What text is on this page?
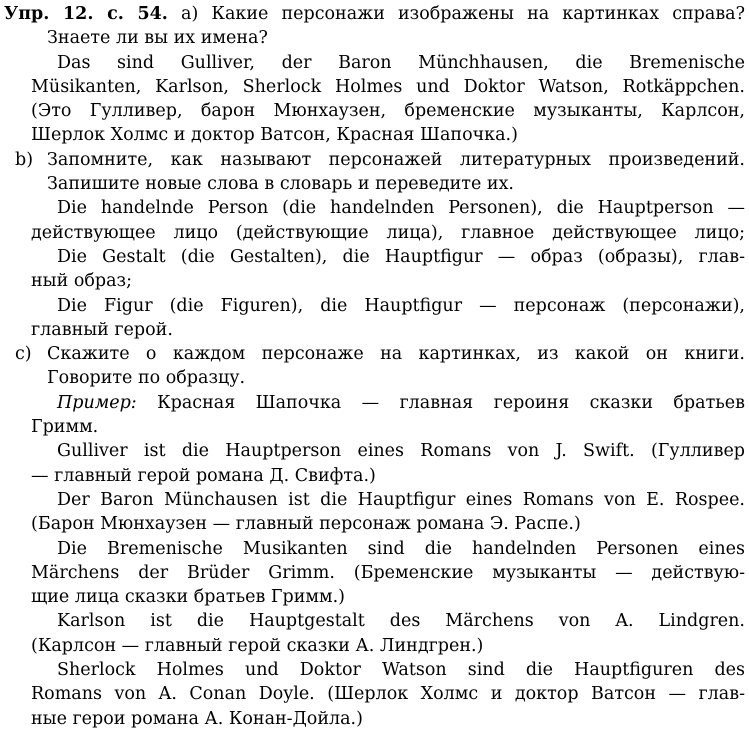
Упр. 12. с. 54. а) Какие персонажи изображены на картинках справа?
Знаете ли вы их имена?
Das sind Gulliver, der Baron Münchhausen, die Bremenische
Müsikanten, Karlson, Sherlock Holmes und Doktor Watson, Rotkäppchen.
(Это Гулливер, барон Мюнхаузен, бременские музыканты, Карлсон,
Шерлок Холмс и доктор Ватсон, Красная Шапочка.)
b) Запомните, как называют персонажей литературных произведений.
Запишите новые слова в словарь и переведите их.
Die handelnde Person (die handelnden Personen), die Hauptperson —
действующее лицо (действующие лица), главное действующее лицо;
Die Gestalt (die Gestalten), die Hauptfigur — образ (образы), глав-
ный образ;
Die Figur (die Figuren), die Hauptfigur — персонаж (персонажи),
главный герой.
c) Скажите о каждом персонаже на картинках, из какой он книги.
Говорите по образцу.
Пример: Красная Шапочка — главная героиня сказки братьев
Гримм.
Gulliver ist die Hauptperson eines Romans von J. Swift. (Гулливер
— главный герой романа Д. Свифта.)
Der Baron Münchausen ist die Hauptfigur eines Romans von E. Rospee.
(Барон Мюнхаузен — главный персонаж романа Э. Распе.)
Die Bremenische Musikanten sind die handelnden Personen eines
Märchens der Brüder Grimm. (Бременские музыканты — действую-
щие лица сказки братьев Гримм.)
Karlson ist die Hauptgestalt des Märchens von A. Lindgren.
(Карлсон — главный герой сказки А. Линдгрен.)
Sherlock Holmes und Doktor Watson sind die Hauptfiguren des
Romans von A. Conan Doyle. (Шерлок Холмс и доктор Ватсон — глав-
ные герои романа А. Конан-Дойла.)
